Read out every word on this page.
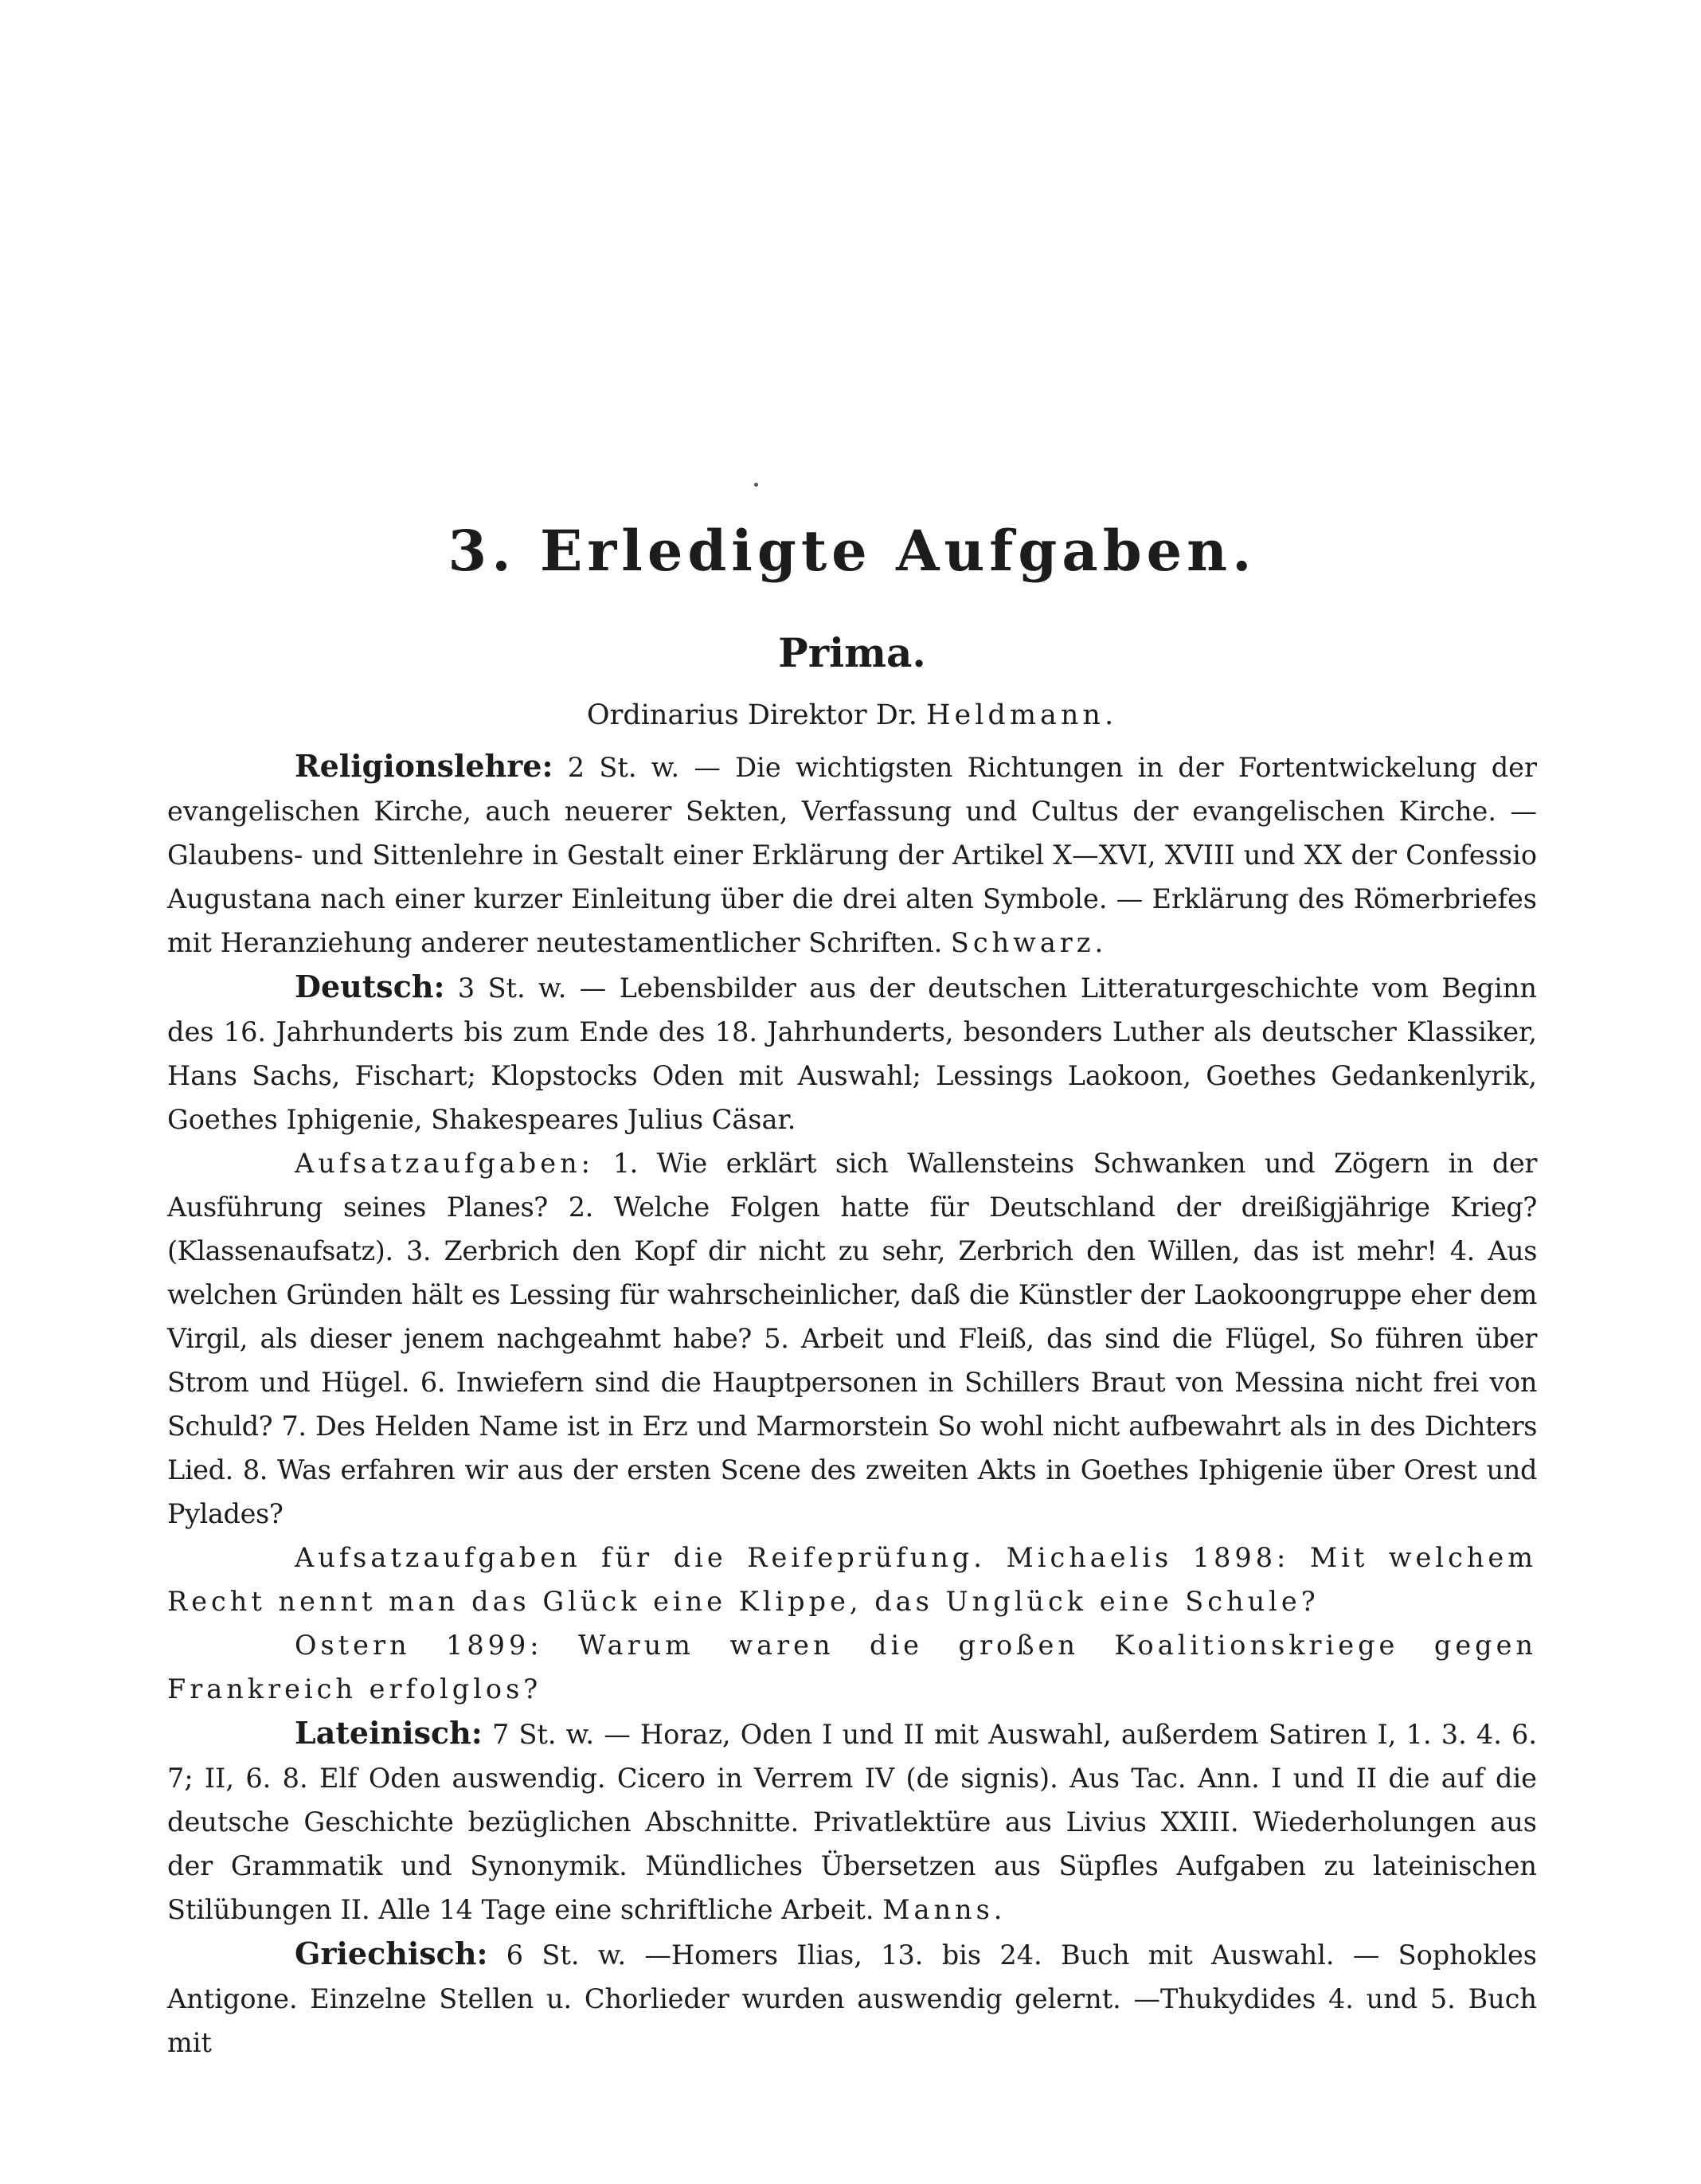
3. Erledigte Aufgaben.
Prima.

Ordinarius Direktor Dr. Heldmann.

Religionslehre: 2 St. w. — Die wichtigsten Richtungen in der Fortentwickelung der evangelischen Kirche, auch neuerer Sekten, Verfassung und Cultus der evangelischen Kirche. — Glaubens- und Sittenlehre in Gestalt einer Erklärung der Artikel X—XVI, XVIII und XX der Confessio Augustana nach einer kurzer Einleitung über die drei alten Symbole. — Erklärung des Römerbriefes mit Heranziehung anderer neutestamentlicher Schriften. Schwarz.

Deutsch: 3 St. w. — Lebensbilder aus der deutschen Litteraturgeschichte vom Beginn des 16. Jahrhunderts bis zum Ende des 18. Jahrhunderts, besonders Luther als deutscher Klassiker, Hans Sachs, Fischart; Klopstocks Oden mit Auswahl; Lessings Laokoon, Goethes Gedankenlyrik, Goethes Iphigenie, Shakespeares Julius Cäsar.

Aufsatzaufgaben: 1. Wie erklärt sich Wallensteins Schwanken und Zögern in der Ausführung seines Planes? 2. Welche Folgen hatte für Deutschland der dreißigjährige Krieg? (Klassenaufsatz). 3. Zerbrich den Kopf dir nicht zu sehr, Zerbrich den Willen, das ist mehr! 4. Aus welchen Gründen hält es Lessing für wahrscheinlicher, daß die Künstler der Laokoongruppe eher dem Virgil, als dieser jenem nachgeahmt habe? 5. Arbeit und Fleiß, das sind die Flügel, So führen über Strom und Hügel. 6. Inwiefern sind die Hauptpersonen in Schillers Braut von Messina nicht frei von Schuld? 7. Des Helden Name ist in Erz und Marmorstein So wohl nicht aufbewahrt als in des Dichters Lied. 8. Was erfahren wir aus der ersten Scene des zweiten Akts in Goethes Iphigenie über Orest und Pylades?

Aufsatzaufgaben für die Reifeprüfung. Michaelis 1898: Mit welchem Recht nennt man das Glück eine Klippe, das Unglück eine Schule?

Ostern 1899: Warum waren die großen Koalitionskriege gegen Frankreich erfolglos?

Lateinisch: 7 St. w. — Horaz, Oden I und II mit Auswahl, außerdem Satiren I, 1. 3. 4. 6. 7; II, 6. 8. Elf Oden auswendig. Cicero in Verrem IV (de signis). Aus Tac. Ann. I und II die auf die deutsche Geschichte bezüglichen Abschnitte. Privatlektüre aus Livius XXIII. Wiederholungen aus der Grammatik und Synonymik. Mündliches Übersetzen aus Süpfles Aufgaben zu lateinischen Stilübungen II. Alle 14 Tage eine schriftliche Arbeit. Manns.

Griechisch: 6 St. w. —Homers Ilias, 13. bis 24. Buch mit Auswahl. — Sophokles Antigone. Einzelne Stellen u. Chorlieder wurden auswendig gelernt. —Thukydides 4. und 5. Buch mit
